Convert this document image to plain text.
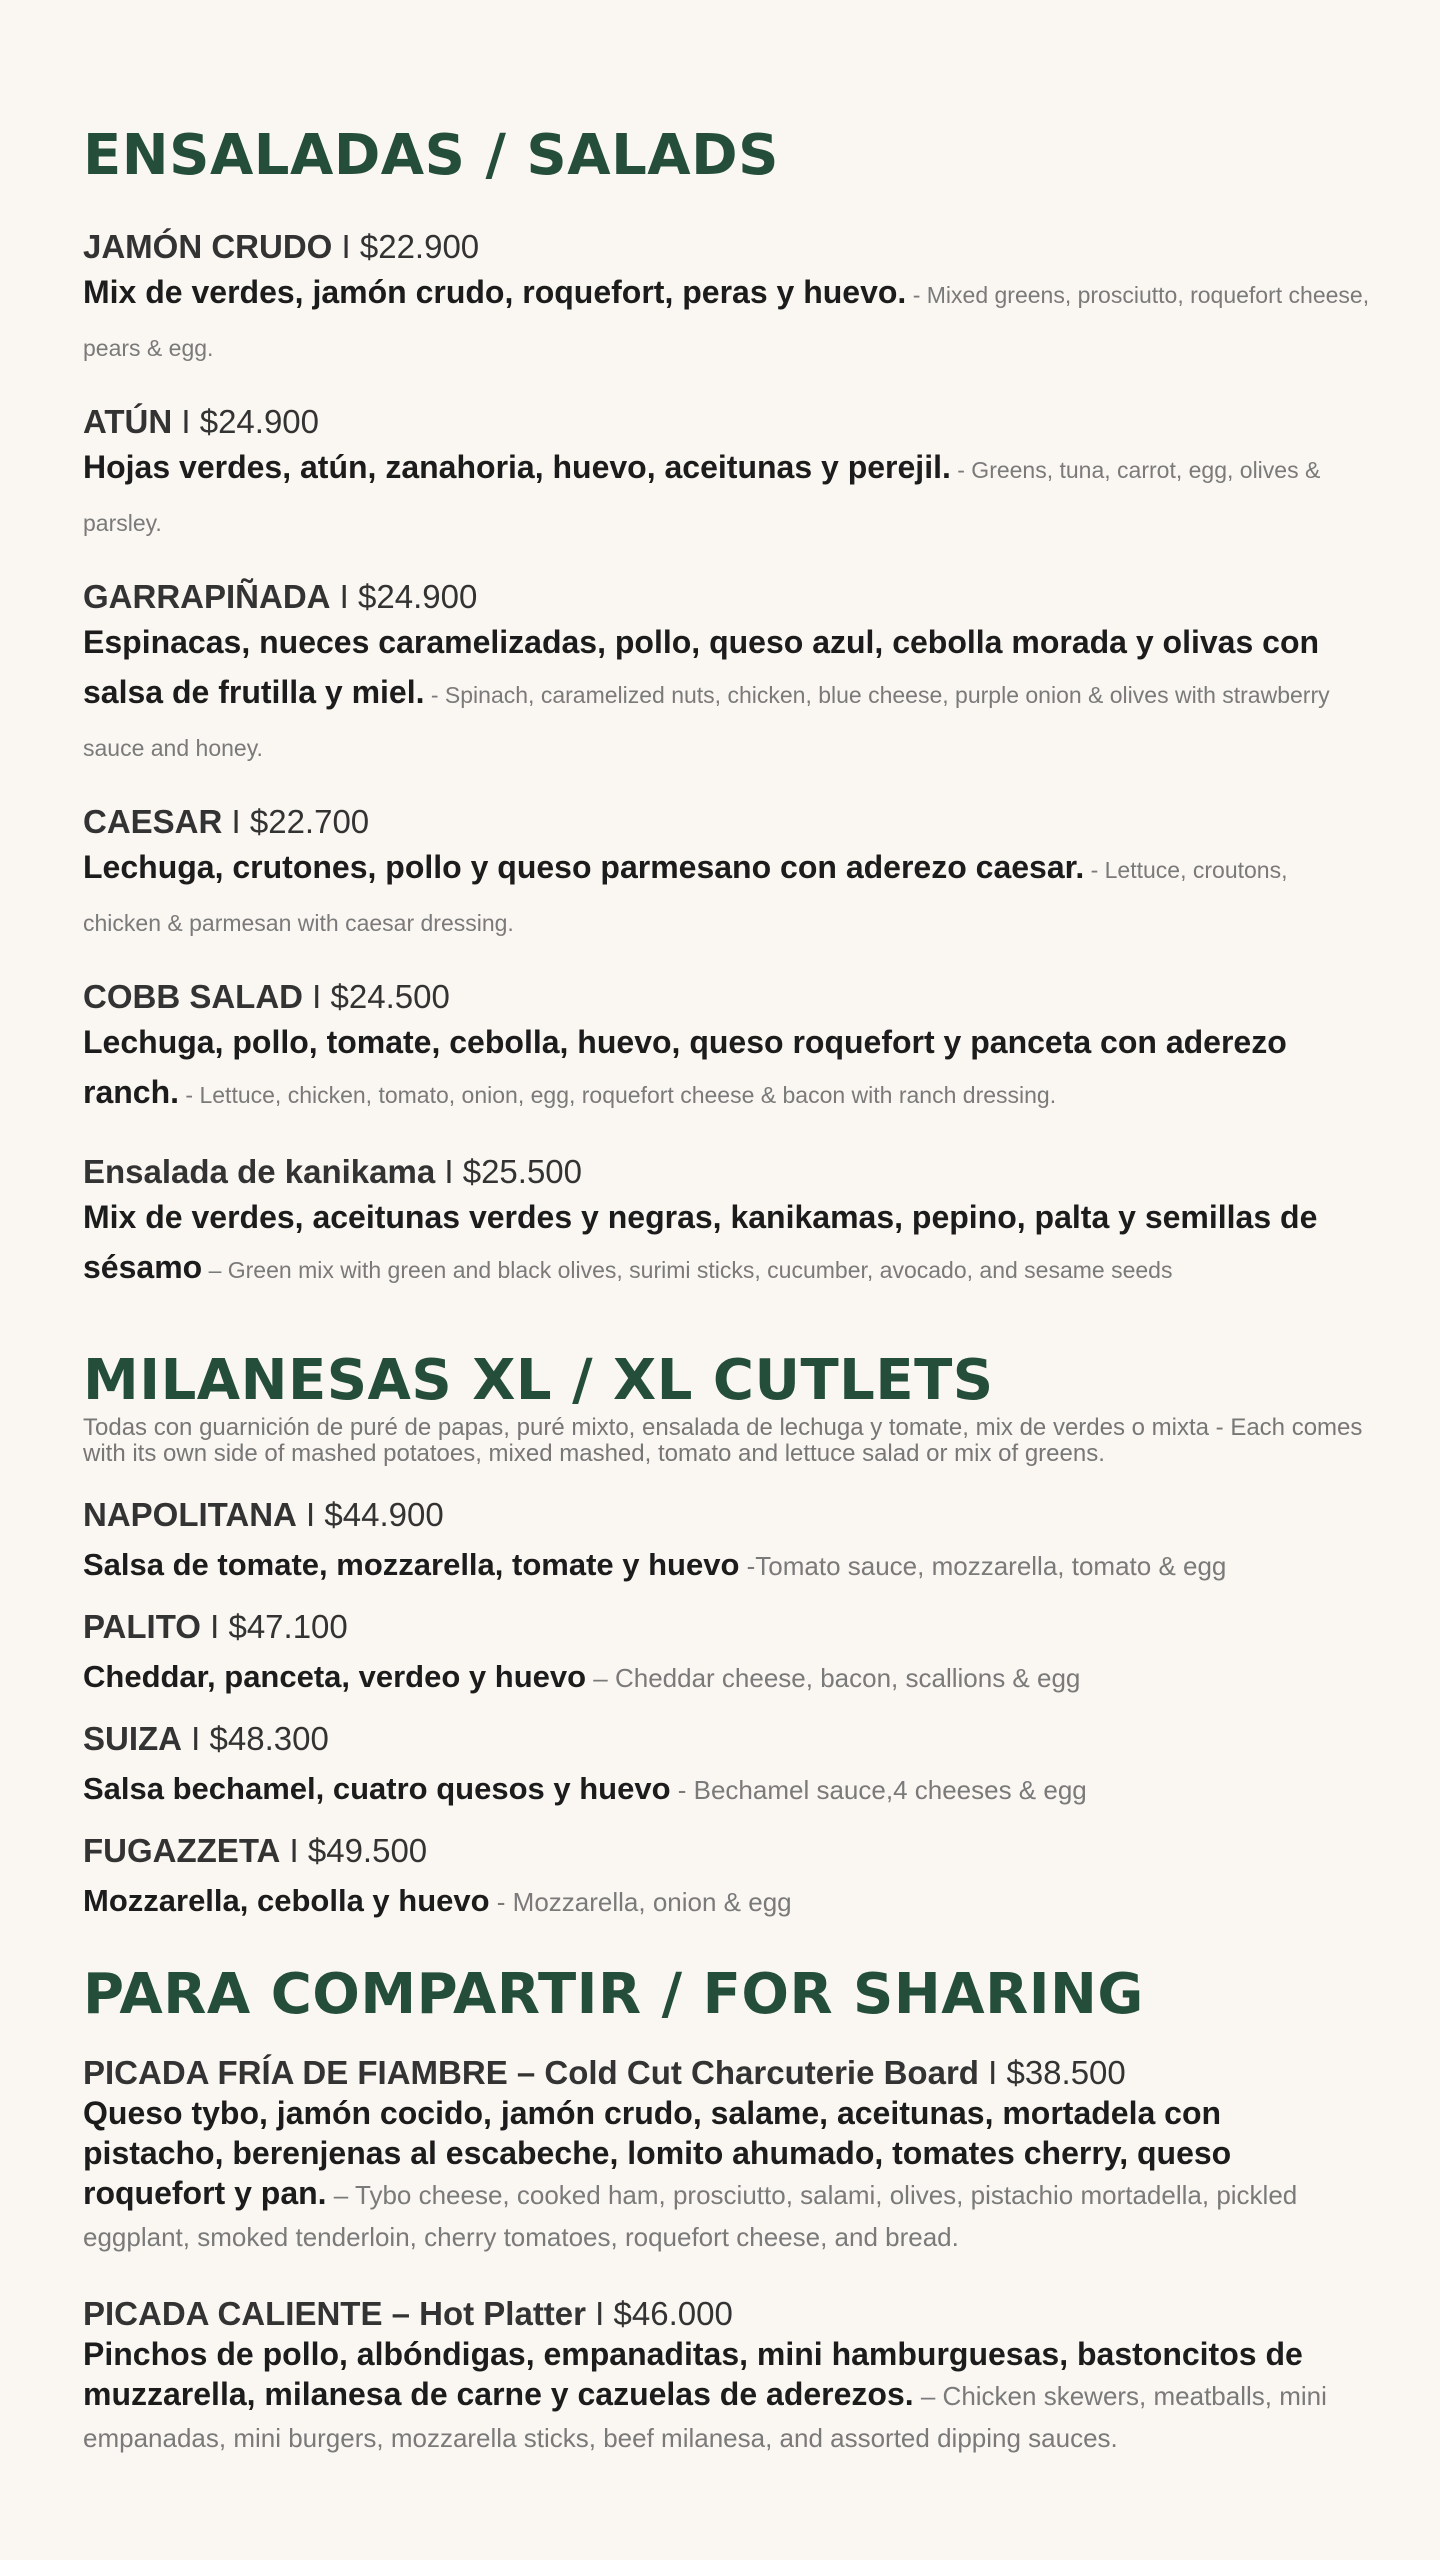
ENSALADAS / SALADS
JAMÓN CRUDO I $22.900
Mix de verdes, jamón crudo, roquefort, peras y huevo. - Mixed greens, prosciutto, roquefort cheese, pears & egg.
ATÚN I $24.900
Hojas verdes, atún, zanahoria, huevo, aceitunas y perejil. - Greens, tuna, carrot, egg, olives & parsley.
GARRAPIÑADA I $24.900
Espinacas, nueces caramelizadas, pollo, queso azul, cebolla morada y olivas con salsa de frutilla y miel. - Spinach, caramelized nuts, chicken, blue cheese, purple onion & olives with strawberry sauce and honey.
CAESAR I $22.700
Lechuga, crutones, pollo y queso parmesano con aderezo caesar. - Lettuce, croutons, chicken & parmesan with caesar dressing.
COBB SALAD I $24.500
Lechuga, pollo, tomate, cebolla, huevo, queso roquefort y panceta con aderezo ranch. - Lettuce, chicken, tomato, onion, egg, roquefort cheese & bacon with ranch dressing.
Ensalada de kanikama I $25.500
Mix de verdes, aceitunas verdes y negras, kanikamas, pepino, palta y semillas de sésamo – Green mix with green and black olives, surimi sticks, cucumber, avocado, and sesame seeds
MILANESAS XL / XL CUTLETS
Todas con guarnición de puré de papas, puré mixto, ensalada de lechuga y tomate, mix de verdes o mixta - Each comes with its own side of mashed potatoes, mixed mashed, tomato and lettuce salad or mix of greens.
NAPOLITANA I $44.900
Salsa de tomate, mozzarella, tomate y huevo -Tomato sauce, mozzarella, tomato & egg
PALITO I $47.100
Cheddar, panceta, verdeo y huevo – Cheddar cheese, bacon, scallions & egg
SUIZA I $48.300
Salsa bechamel, cuatro quesos y huevo - Bechamel sauce,4 cheeses & egg
FUGAZZETA I $49.500
Mozzarella, cebolla y huevo - Mozzarella, onion & egg
PARA COMPARTIR / FOR SHARING
PICADA FRÍA DE FIAMBRE – Cold Cut Charcuterie Board I $38.500
Queso tybo, jamón cocido, jamón crudo, salame, aceitunas, mortadela con pistacho, berenjenas al escabeche, lomito ahumado, tomates cherry, queso roquefort y pan. – Tybo cheese, cooked ham, prosciutto, salami, olives, pistachio mortadella, pickled eggplant, smoked tenderloin, cherry tomatoes, roquefort cheese, and bread.
PICADA CALIENTE – Hot Platter I $46.000
Pinchos de pollo, albóndigas, empanaditas, mini hamburguesas, bastoncitos de muzzarella, milanesa de carne y cazuelas de aderezos. – Chicken skewers, meatballs, mini empanadas, mini burgers, mozzarella sticks, beef milanesa, and assorted dipping sauces.
